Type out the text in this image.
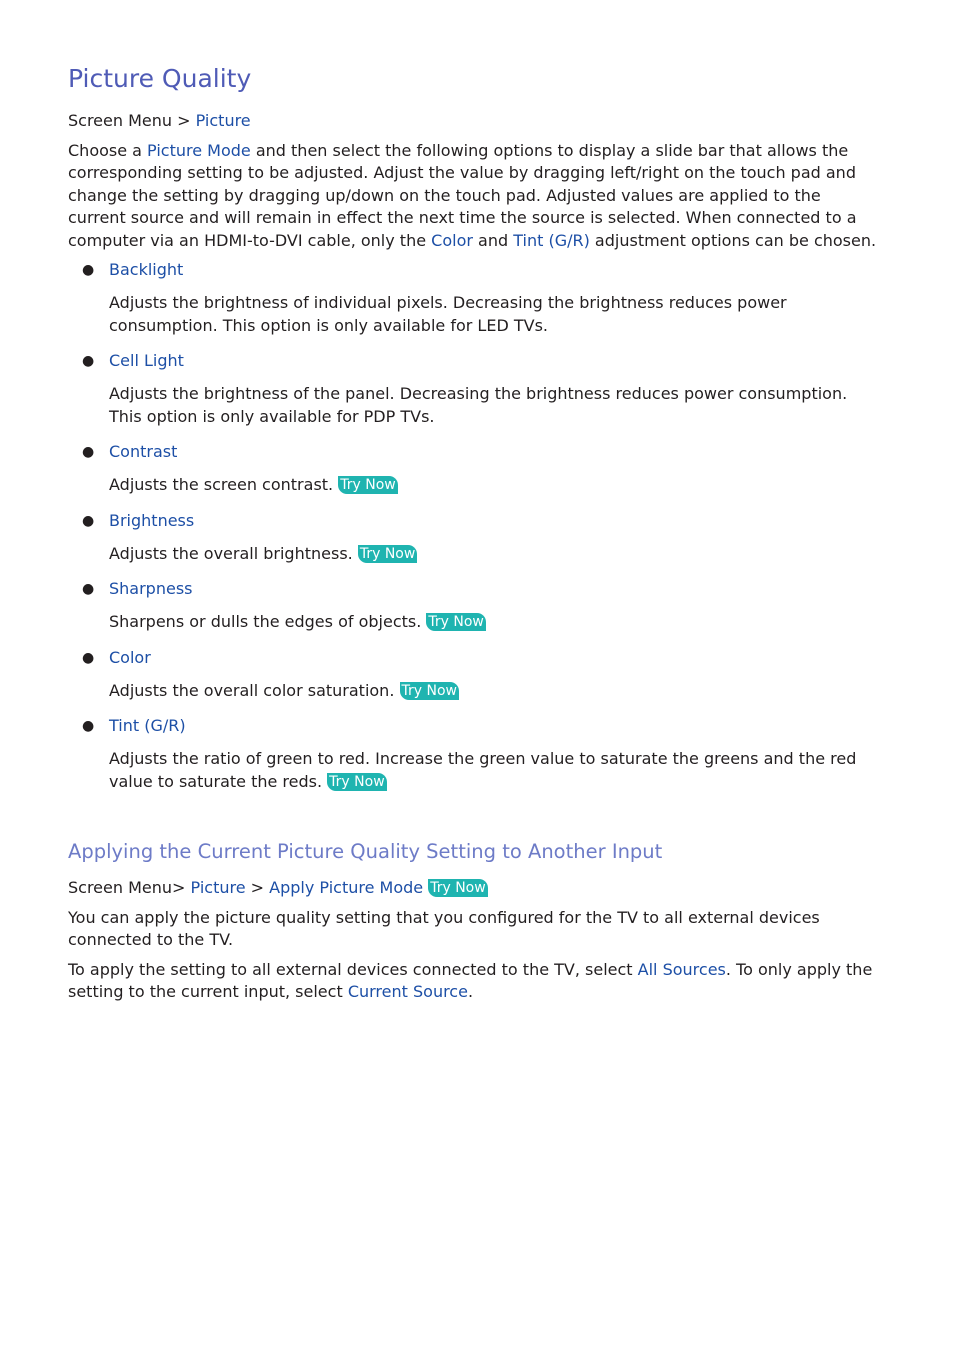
Picture Quality

Screen Menu > Picture

Choose a Picture Mode and then select the following options to display a slide bar that allows the corresponding setting to be adjusted. Adjust the value by dragging left/right on the touch pad and change the setting by dragging up/down on the touch pad. Adjusted values are applied to the current source and will remain in effect the next time the source is selected. When connected to a computer via an HDMI-to-DVI cable, only the Color and Tint (G/R) adjustment options can be chosen.

● Backlight
Adjusts the brightness of individual pixels. Decreasing the brightness reduces power consumption. This option is only available for LED TVs.
● Cell Light
Adjusts the brightness of the panel. Decreasing the brightness reduces power consumption. This option is only available for PDP TVs.
● Contrast
Adjusts the screen contrast. Try Now
● Brightness
Adjusts the overall brightness. Try Now
● Sharpness
Sharpens or dulls the edges of objects. Try Now
● Color
Adjusts the overall color saturation. Try Now
● Tint (G/R)
Adjusts the ratio of green to red. Increase the green value to saturate the greens and the red value to saturate the reds. Try Now
Applying the Current Picture Quality Setting to Another Input

Screen Menu> Picture > Apply Picture Mode Try Now

You can apply the picture quality setting that you configured for the TV to all external devices connected to the TV.

To apply the setting to all external devices connected to the TV, select All Sources. To only apply the setting to the current input, select Current Source.
